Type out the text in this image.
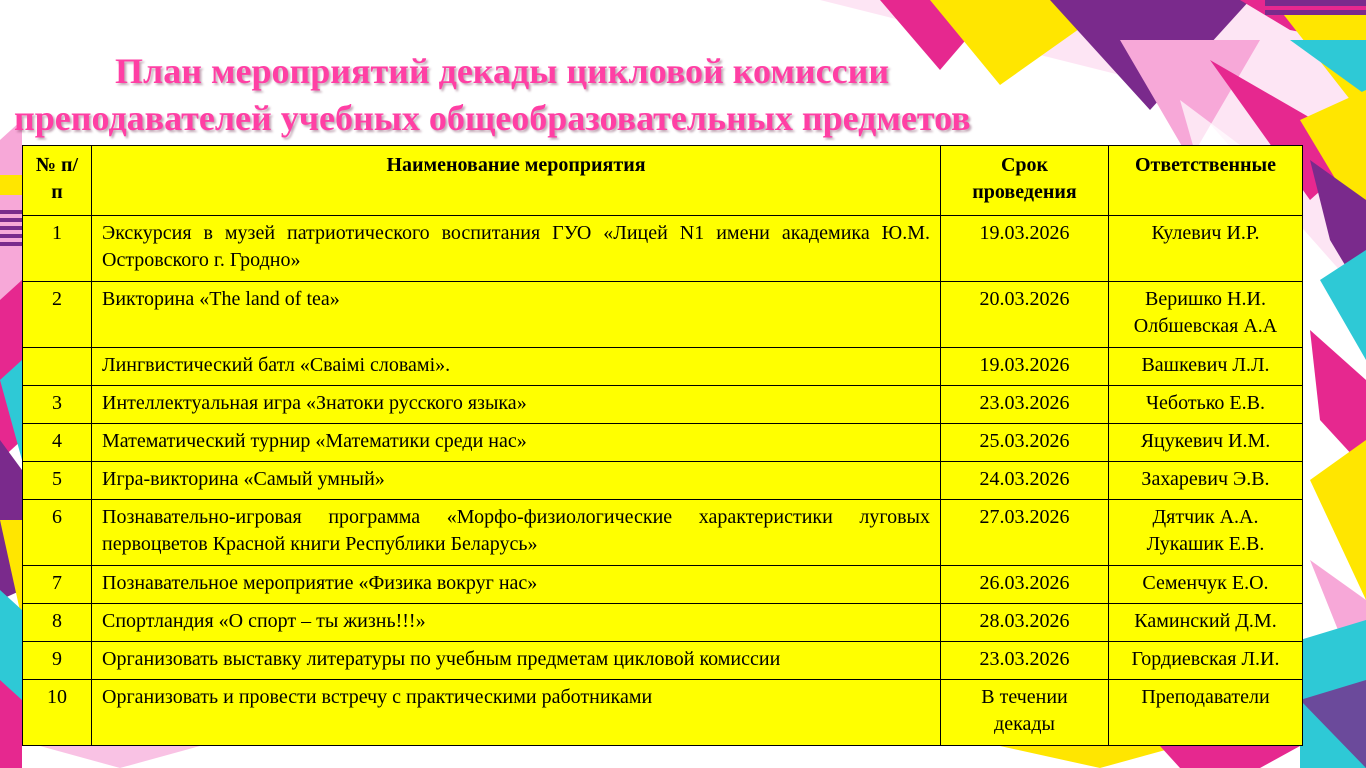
План мероприятий декады цикловой комиссии
преподавателей учебных общеобразовательных предметов
№ п/п	Наименование мероприятия	Срок проведения	Ответственные
1	Экскурсия в музей патриотического воспитания ГУО «Лицей N1 имени академика Ю.М. Островского г. Гродно»	19.03.2026	Кулевич И.Р.

2	Викторина «The land of tea»	20.03.2026	Веришко Н.И.
Олбшевская А.А

	Лингвистический батл «Сваімі словамі».	19.03.2026	Вашкевич Л.Л.

3	Интеллектуальная игра «Знатоки русского языка»	23.03.2026	Чеботько Е.В.

4	Математический турнир «Математики среди нас»	25.03.2026	Яцукевич И.М.

5	Игра-викторина «Самый умный»	24.03.2026	Захаревич Э.В.

6	Познавательно-игровая программа «Морфо-физиологические характеристики луговых первоцветов Красной книги Республики Беларусь»	27.03.2026	Дятчик А.А.
Лукашик Е.В.

7	Познавательное мероприятие «Физика вокруг нас»	26.03.2026	Семенчук Е.О.

8	Спортландия «О спорт – ты жизнь!!!»	28.03.2026	Каминский Д.М.

9	Организовать выставку литературы по учебным предметам цикловой комиссии	23.03.2026	Гордиевская Л.И.

10	Организовать и провести встречу с практическими работниками	В течении декады	Преподаватели
